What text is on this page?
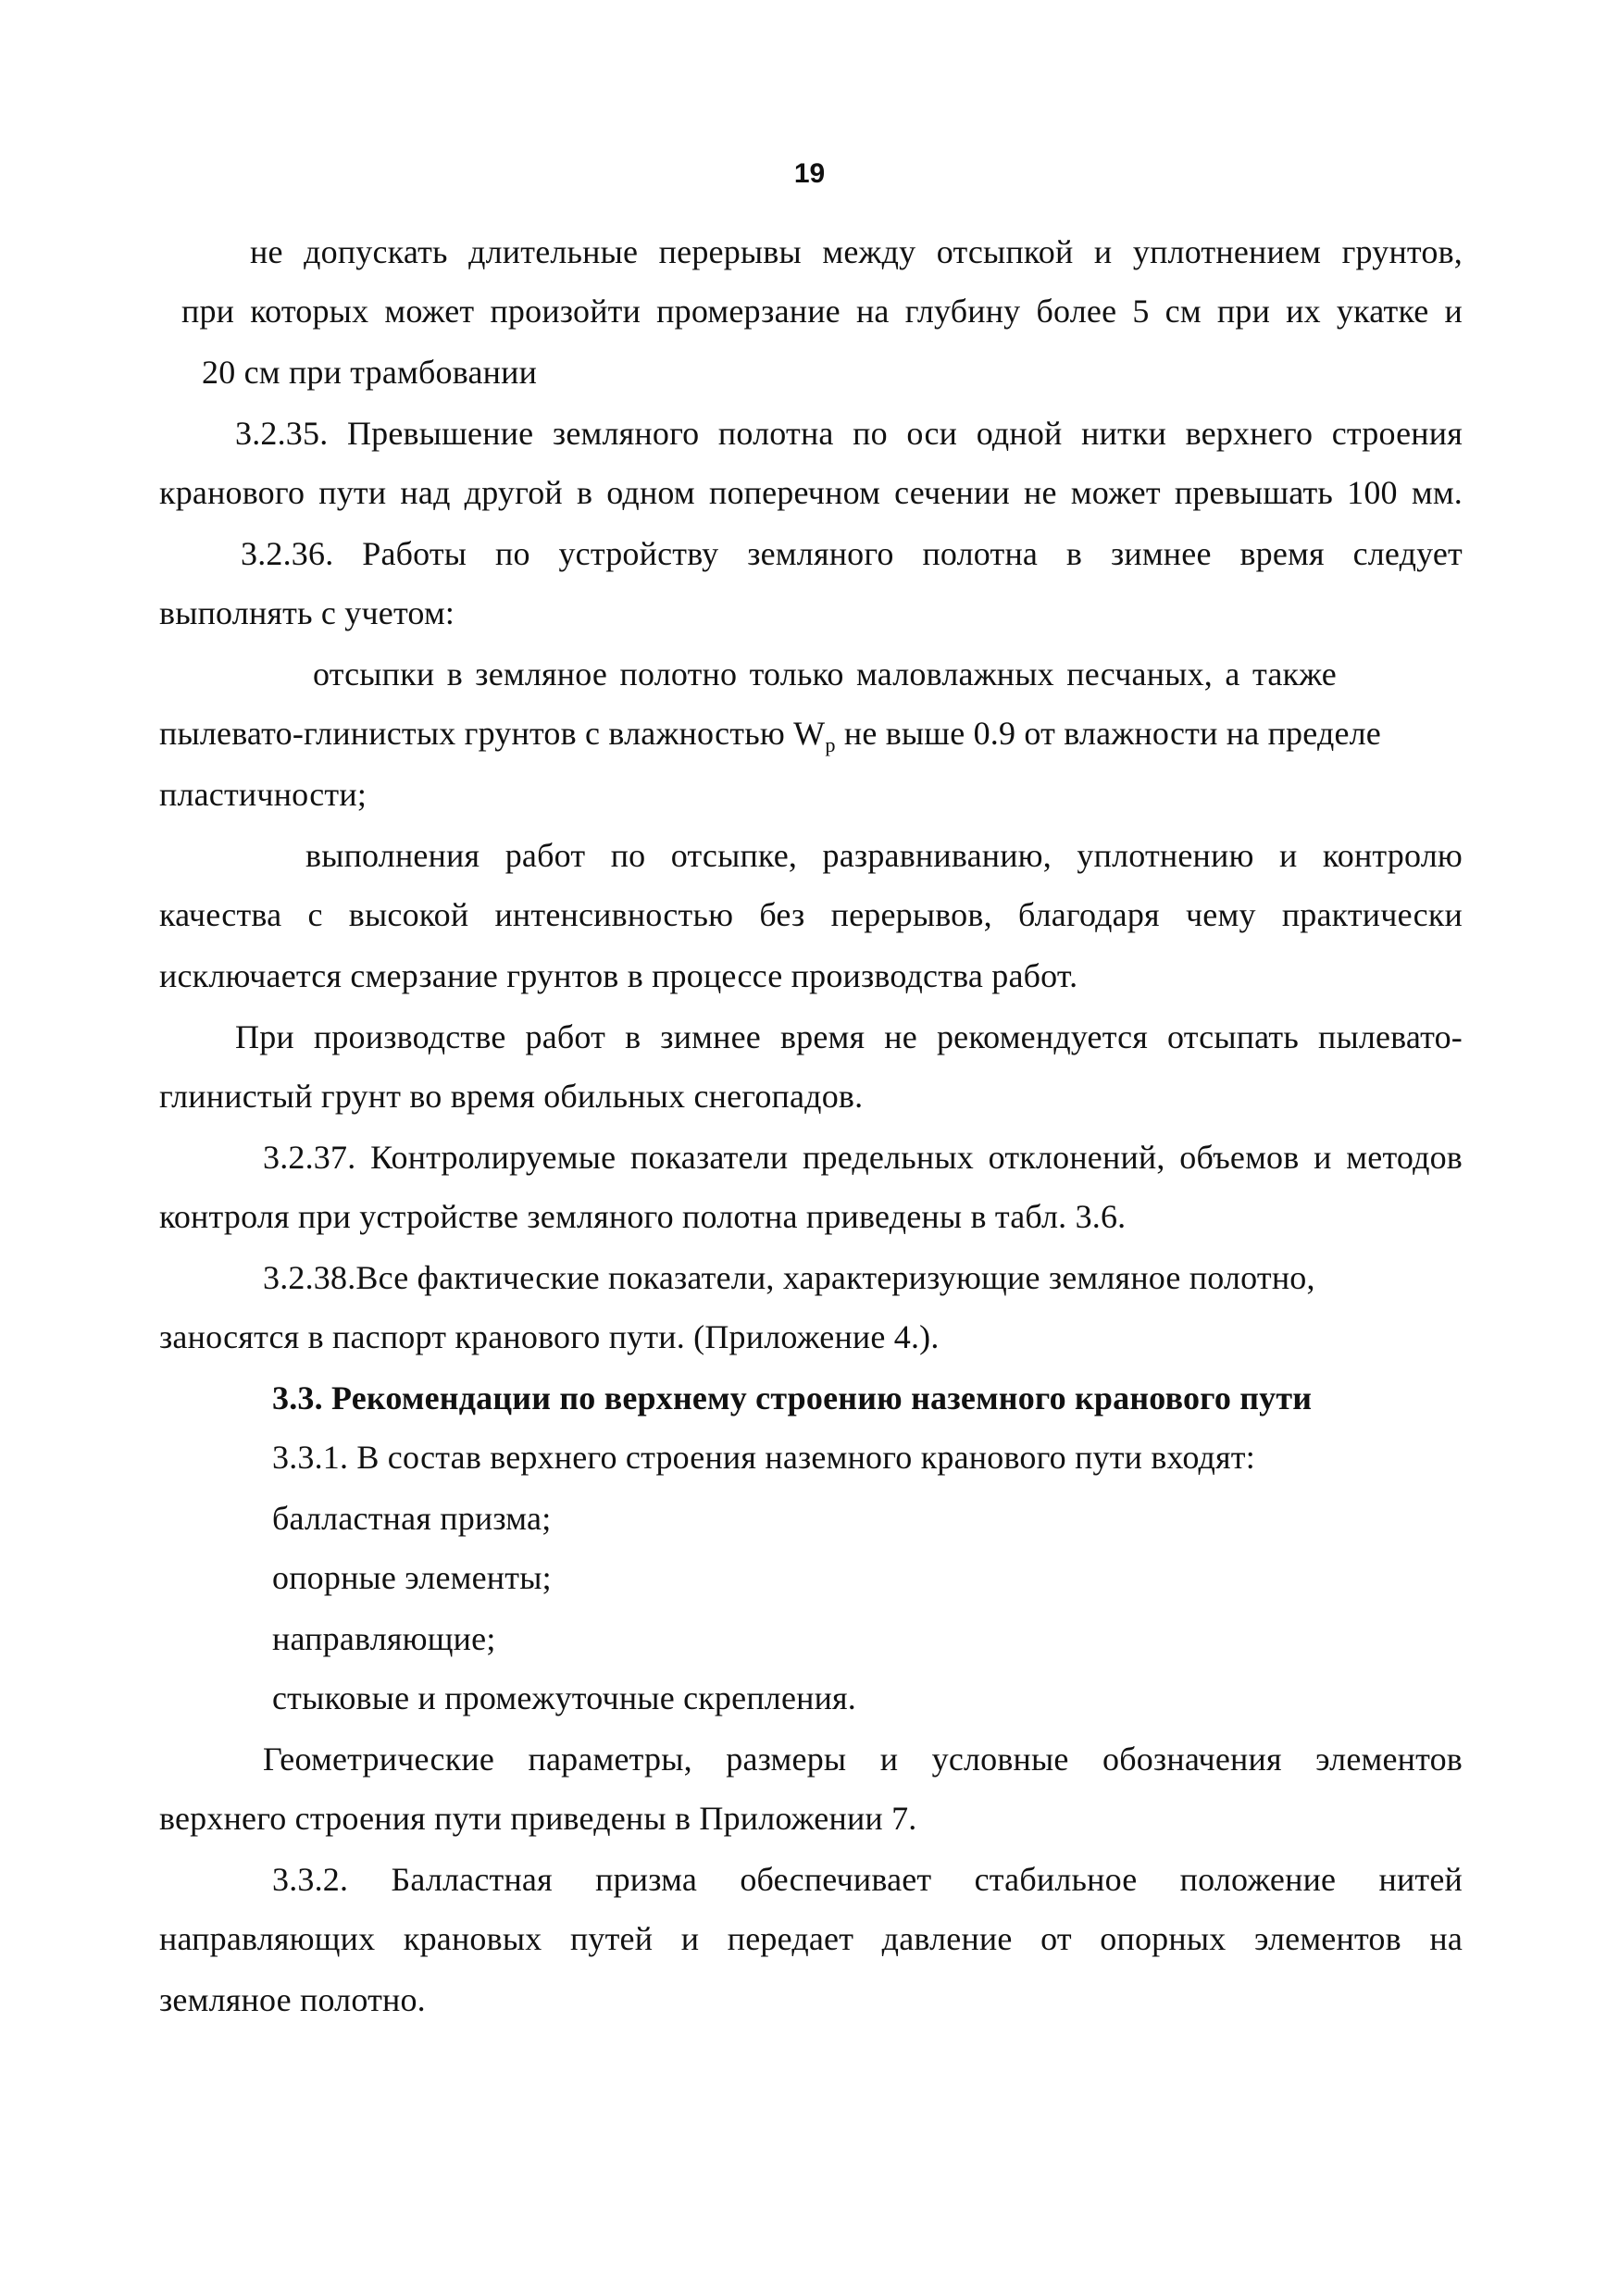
19
не допускать длительные перерывы между отсыпкой и уплотнением грунтов,
при которых может произойти промерзание на глубину более 5 см при их укатке и
20 см при трамбовании
3.2.35. Превышение земляного полотна по оси одной нитки верхнего строения
кранового пути над другой в одном поперечном сечении не может превышать 100 мм.
3.2.36. Работы по устройству земляного полотна в зимнее время следует
выполнять с учетом:
отсыпки в земляное полотно только маловлажных песчаных, а также
пылевато-глинистых грунтов с влажностью $W_р$ не выше 0.9 от влажности на пределе
пластичности;
выполнения работ по отсыпке, разравниванию, уплотнению и контролю
качества с высокой интенсивностью без перерывов, благодаря чему практически
исключается смерзание грунтов в процессе производства работ.
При производстве работ в зимнее время не рекомендуется отсыпать пылевато-
глинистый грунт во время обильных снегопадов.
3.2.37. Контролируемые показатели предельных отклонений, объемов и методов
контроля при устройстве земляного полотна приведены в табл. 3.6.
3.2.38.Все фактические показатели, характеризующие земляное полотно,
заносятся в паспорт кранового пути. (Приложение 4.).
3.3. Рекомендации по верхнему строению наземного кранового пути
3.3.1. В состав верхнего строения наземного кранового пути входят:
балластная призма;
опорные элементы;
направляющие;
стыковые и промежуточные скрепления.
Геометрические параметры, размеры и условные обозначения элементов
верхнего строения пути приведены в Приложении 7.
3.3.2. Балластная призма обеспечивает стабильное положение нитей
направляющих крановых путей и передает давление от опорных элементов на
земляное полотно.
